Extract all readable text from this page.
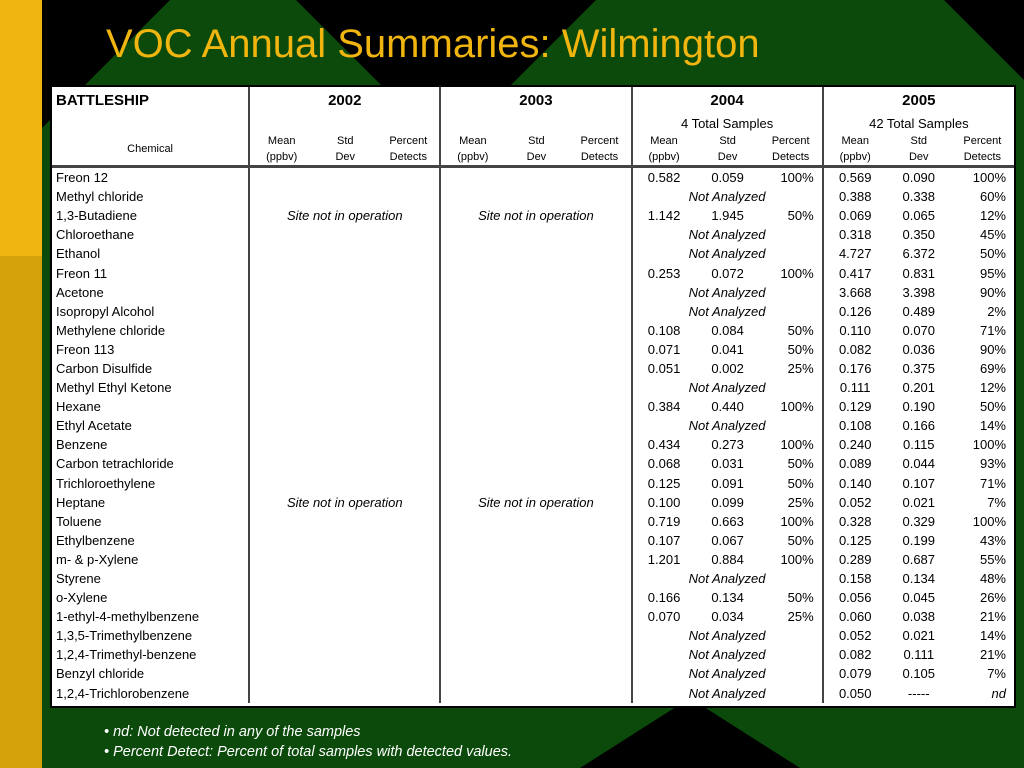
VOC Annual Summaries: Wilmington
BATTLESHIP	2002			2003			2004			2005		
							4 Total Samples			42 Total Samples		
Chemical	Mean	Std	Percent	Mean	Std	Percent	Mean	Std	Percent	Mean	Std	Percent
	(ppbv)	Dev	Detects	(ppbv)	Dev	Detects	(ppbv)	Dev	Detects	(ppbv)	Dev	Detects

Freon 12							0.582	0.059	100%	0.569	0.090	100%
Methyl chloride							Not Analyzed			0.388	0.338	60%
1,3-Butadiene	Site not in operation			Site not in operation			1.142	1.945	50%	0.069	0.065	12%
Chloroethane							Not Analyzed			0.318	0.350	45%
Ethanol							Not Analyzed			4.727	6.372	50%
Freon 11							0.253	0.072	100%	0.417	0.831	95%
Acetone							Not Analyzed			3.668	3.398	90%
Isopropyl Alcohol							Not Analyzed			0.126	0.489	2%
Methylene chloride							0.108	0.084	50%	0.110	0.070	71%
Freon 113							0.071	0.041	50%	0.082	0.036	90%
Carbon Disulfide							0.051	0.002	25%	0.176	0.375	69%
Methyl Ethyl Ketone							Not Analyzed			0.111	0.201	12%
Hexane							0.384	0.440	100%	0.129	0.190	50%
Ethyl Acetate							Not Analyzed			0.108	0.166	14%
Benzene							0.434	0.273	100%	0.240	0.115	100%
Carbon tetrachloride							0.068	0.031	50%	0.089	0.044	93%
Trichloroethylene							0.125	0.091	50%	0.140	0.107	71%
Heptane	Site not in operation			Site not in operation			0.100	0.099	25%	0.052	0.021	7%
Toluene							0.719	0.663	100%	0.328	0.329	100%
Ethylbenzene							0.107	0.067	50%	0.125	0.199	43%
m- & p-Xylene							1.201	0.884	100%	0.289	0.687	55%
Styrene							Not Analyzed			0.158	0.134	48%
o-Xylene							0.166	0.134	50%	0.056	0.045	26%
1-ethyl-4-methylbenzene							0.070	0.034	25%	0.060	0.038	21%
1,3,5-Trimethylbenzene							Not Analyzed			0.052	0.021	14%
1,2,4-Trimethyl-benzene							Not Analyzed			0.082	0.111	21%
Benzyl chloride							Not Analyzed			0.079	0.105	7%
1,2,4-Trichlorobenzene							Not Analyzed			0.050	-----	nd
• nd: Not detected in any of the samples
• Percent Detect: Percent of total samples with detected values.
